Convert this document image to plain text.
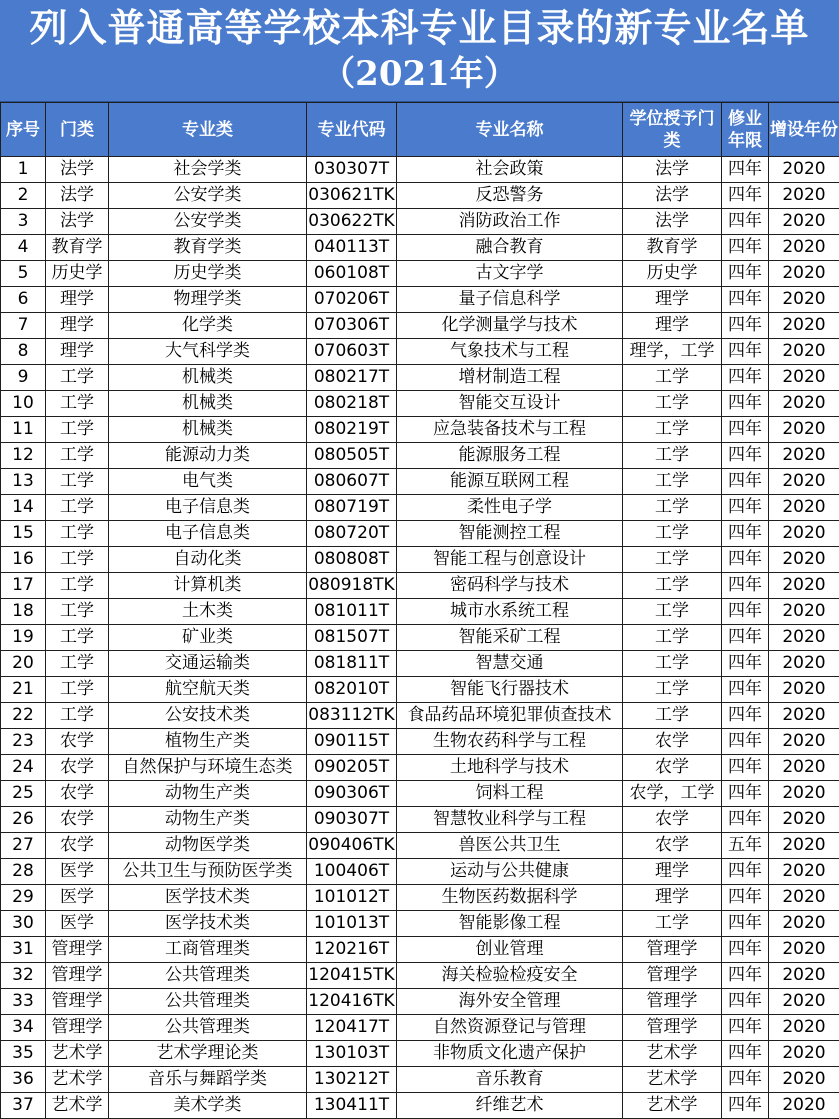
列入普通高等学校本科专业目录的新专业名单
（2021年）
序号	门类	专业类	专业代码	专业名称	学位授予门类	修业年限	增设年份
1	法学	社会学类	030307T	社会政策	法学	四年	2020
2	法学	公安学类	030621TK	反恐警务	法学	四年	2020
3	法学	公安学类	030622TK	消防政治工作	法学	四年	2020
4	教育学	教育学类	040113T	融合教育	教育学	四年	2020
5	历史学	历史学类	060108T	古文字学	历史学	四年	2020
6	理学	物理学类	070206T	量子信息科学	理学	四年	2020
7	理学	化学类	070306T	化学测量学与技术	理学	四年	2020
8	理学	大气科学类	070603T	气象技术与工程	理学，工学	四年	2020
9	工学	机械类	080217T	增材制造工程	工学	四年	2020
10	工学	机械类	080218T	智能交互设计	工学	四年	2020
11	工学	机械类	080219T	应急装备技术与工程	工学	四年	2020
12	工学	能源动力类	080505T	能源服务工程	工学	四年	2020
13	工学	电气类	080607T	能源互联网工程	工学	四年	2020
14	工学	电子信息类	080719T	柔性电子学	工学	四年	2020
15	工学	电子信息类	080720T	智能测控工程	工学	四年	2020
16	工学	自动化类	080808T	智能工程与创意设计	工学	四年	2020
17	工学	计算机类	080918TK	密码科学与技术	工学	四年	2020
18	工学	土木类	081011T	城市水系统工程	工学	四年	2020
19	工学	矿业类	081507T	智能采矿工程	工学	四年	2020
20	工学	交通运输类	081811T	智慧交通	工学	四年	2020
21	工学	航空航天类	082010T	智能飞行器技术	工学	四年	2020
22	工学	公安技术类	083112TK	食品药品环境犯罪侦查技术	工学	四年	2020
23	农学	植物生产类	090115T	生物农药科学与工程	农学	四年	2020
24	农学	自然保护与环境生态类	090205T	土地科学与技术	农学	四年	2020
25	农学	动物生产类	090306T	饲料工程	农学，工学	四年	2020
26	农学	动物生产类	090307T	智慧牧业科学与工程	农学	四年	2020
27	农学	动物医学类	090406TK	兽医公共卫生	农学	五年	2020
28	医学	公共卫生与预防医学类	100406T	运动与公共健康	理学	四年	2020
29	医学	医学技术类	101012T	生物医药数据科学	理学	四年	2020
30	医学	医学技术类	101013T	智能影像工程	工学	四年	2020
31	管理学	工商管理类	120216T	创业管理	管理学	四年	2020
32	管理学	公共管理类	120415TK	海关检验检疫安全	管理学	四年	2020
33	管理学	公共管理类	120416TK	海外安全管理	管理学	四年	2020
34	管理学	公共管理类	120417T	自然资源登记与管理	管理学	四年	2020
35	艺术学	艺术学理论类	130103T	非物质文化遗产保护	艺术学	四年	2020
36	艺术学	音乐与舞蹈学类	130212T	音乐教育	艺术学	四年	2020
37	艺术学	美术学类	130411T	纤维艺术	艺术学	四年	2020
